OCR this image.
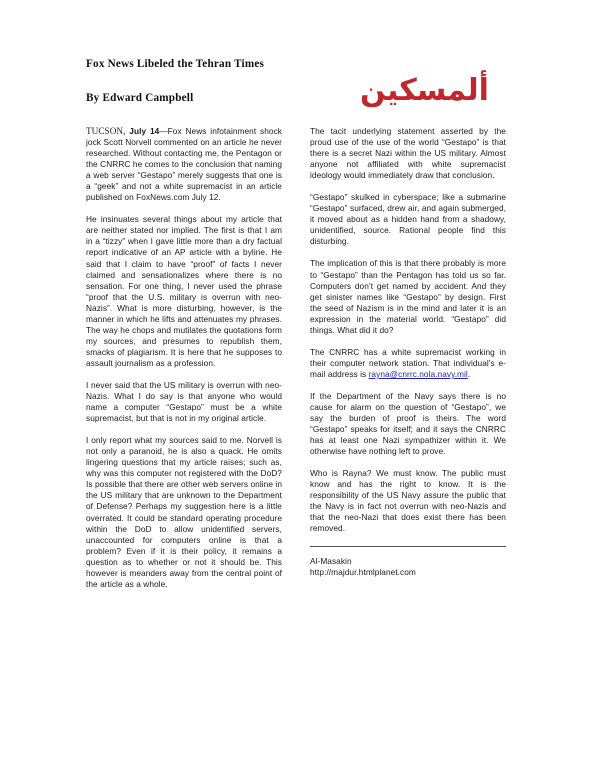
Fox News Libeled the Tehran Times

By Edward Campbell	ألمسكين

TUCSON, July 14—Fox News infotainment shock jock Scott Norvell commented on an article he never researched. Without contacting me, the Pentagon or the CNRRC he comes to the conclusion that naming a web server “Gestapo” merely suggests that one is a “geek” and not a white supremacist in an article published on FoxNews.com July 12.

He insinuates several things about my article that are neither stated nor implied. The first is that I am in a “tizzy” when I gave little more than a dry factual report indicative of an AP article with a byline. He said that I claim to have “proof” of facts I never claimed and sensationalizes where there is no sensation. For one thing, I never used the phrase “proof that the U.S. military is overrun with neo-Nazis”. What is more disturbing, however, is the manner in which he lifts and attenuates my phrases. The way he chops and mutilates the quotations form my sources, and presumes to republish them, smacks of plagiarism. It is here that he supposes to assault journalism as a profession.

I never said that the US military is overrun with neo-Nazis. What I do say is that anyone who would name a computer “Gestapo” must be a white supremacist, but that is not in my original article.

I only report what my sources said to me. Norvell is not only a paranoid, he is also a quack. He omits lingering questions that my article raises; such as, why was this computer not registered with the DoD? Is possible that there are other web servers online in the US military that are unknown to the Department of Defense? Perhaps my suggestion here is a little overrated. It could be standard operating procedure within the DoD to allow unidentified servers, unaccounted for computers online is that a problem? Even if it is their policy, it remains a question as to whether or not it should be. This however is meanders away from the central point of the article as a whole.

The tacit underlying statement asserted by the proud use of the use of the world “Gestapo” is that there is a secret Nazi within the US military. Almost anyone not affiliated with white supremacist ideology would immediately draw that conclusion.

“Gestapo” skulked in cyberspace; like a submarine “Gestapo” surfaced, drew air, and again submerged, it moved about as a hidden hand from a shadowy, unidentified, source. Rational people find this disturbing.

The implication of this is that there probably is more to “Gestapo” than the Pentagon has told us so far. Computers don’t get named by accident. And they get sinister names like “Gestapo” by design. First the seed of Nazism is in the mind and later it is an expression in the material world. “Gestapo” did things. What did it do?

The CNRRC has a white supremacist working in their computer network station. That individual’s e-mail address is rayna@cnrrc.nola.navy.mil.

If the Department of the Navy says there is no cause for alarm on the question of “Gestapo”, we say the burden of proof is theirs. The word “Gestapo” speaks for itself; and it says the CNRRC has at least one Nazi sympathizer within it. We otherwise have nothing left to prove.

Who is Rayna? We must know. The public must know and has the right to know. It is the responsibility of the US Navy assure the public that the Navy is in fact not overrun with neo-Nazis and that the neo-Nazi that does exist there has been removed.

Al-Masakin
http://majdur.htmlplanet.com
